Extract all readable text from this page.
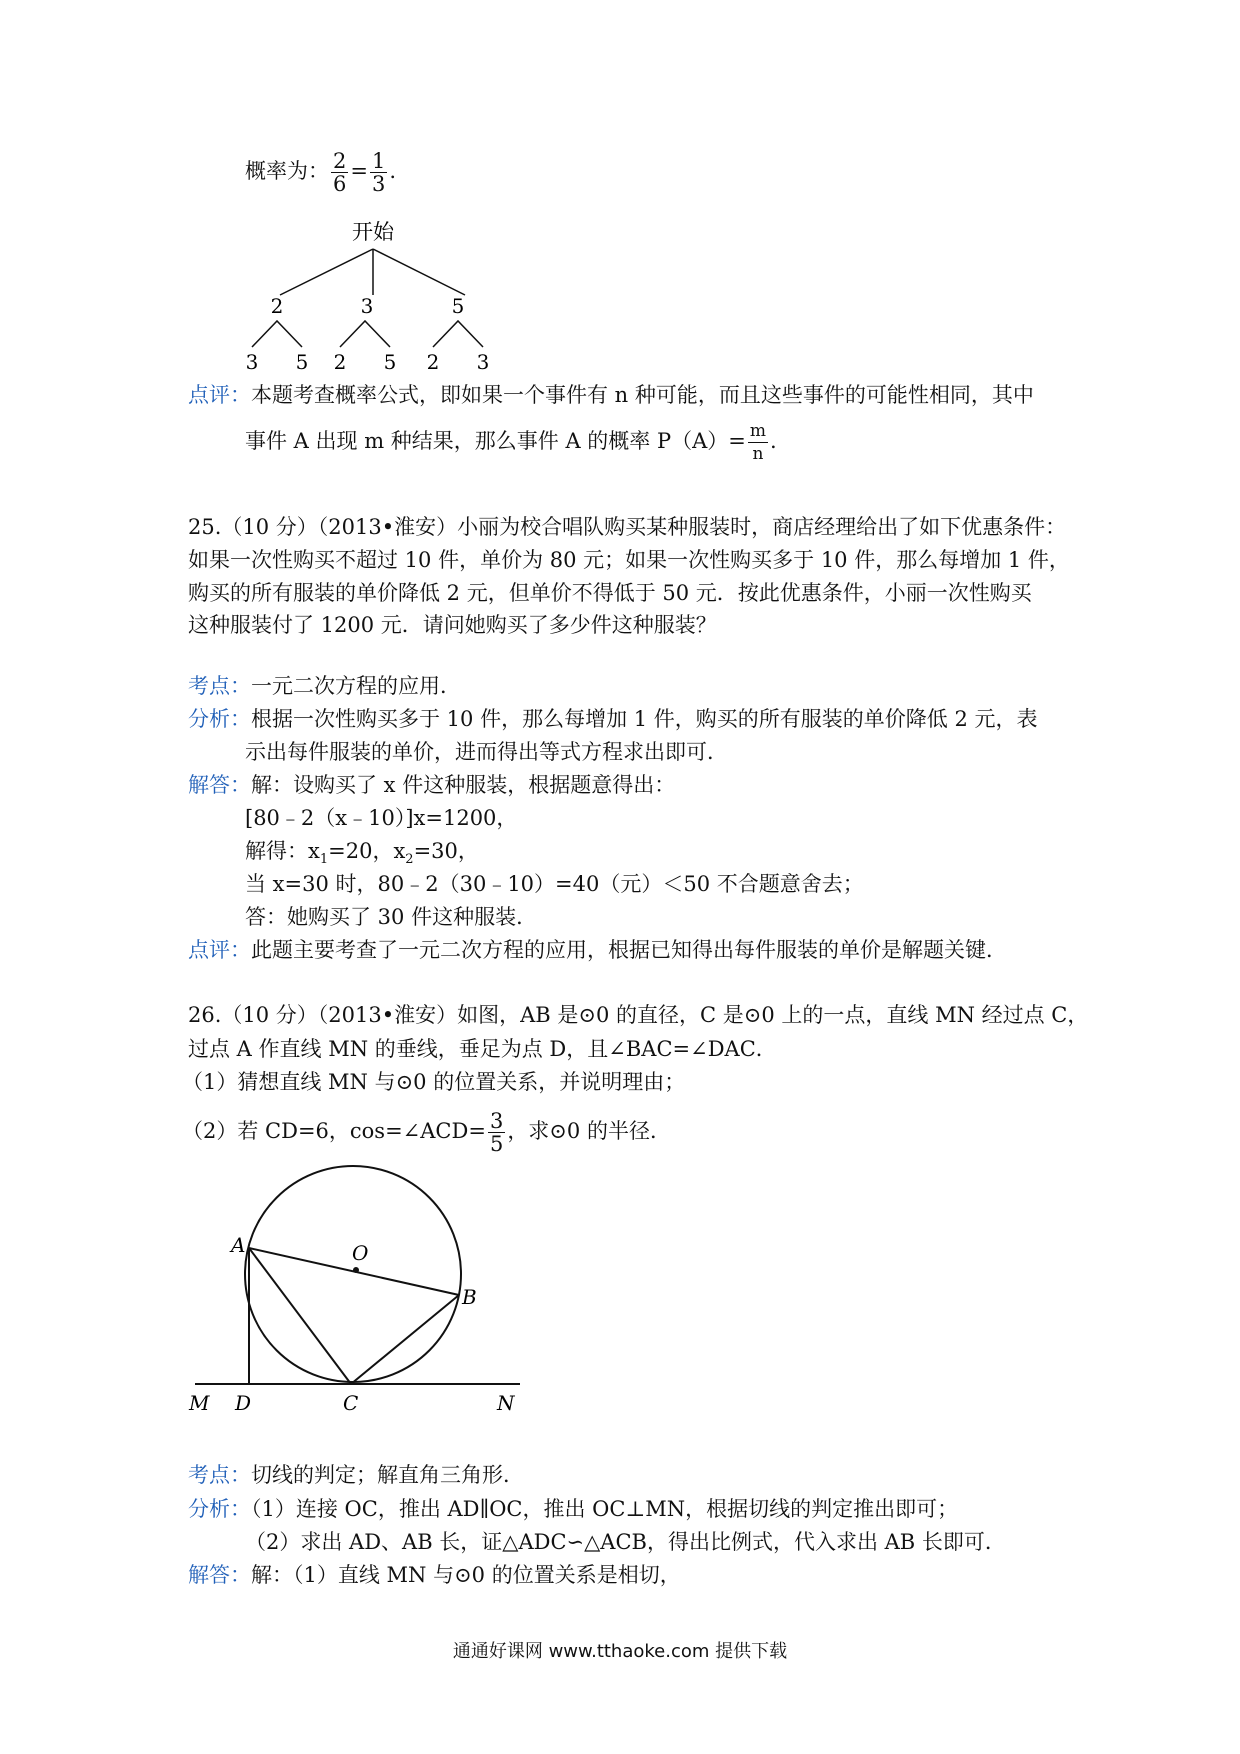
概率为： $\frac{2}{6} = \frac{1}{3}$ .
开始
2	3	5
3 5 2 5 2 3
点评：本题考查概率公式，即如果一个事件有 n 种可能，而且这些事件的可能性相同，其中
事件 A 出现 m 种结果，那么事件 A 的概率 $P(A)= \frac{m}{n}$ .
25.（10 分）（2013•淮安）小丽为校合唱队购买某种服装时，商店经理给出了如下优惠条件：
如果一次性购买不超过 10 件，单价为 80 元；如果一次性购买多于 10 件，那么每增加 1 件，
购买的所有服装的单价降低 2 元，但单价不得低于 50 元．按此优惠条件，小丽一次性购买
这种服装付了 1200 元．请问她购买了多少件这种服装？
考点：一元二次方程的应用．
分析：根据一次性购买多于 10 件，那么每增加 1 件，购买的所有服装的单价降低 2 元，表
示出每件服装的单价，进而得出等式方程求出即可．
解答：解：设购买了 x 件这种服装，根据题意得出：
[80﹣2（x﹣10）]x=1200，
解得：$x_1=20$，$x_2=30$，
当 x=30 时，80﹣2（30﹣10）=40（元）＜50 不合题意舍去；
答：她购买了 30 件这种服装．
点评：此题主要考查了一元二次方程的应用，根据已知得出每件服装的单价是解题关键．
26.（10 分）（2013•淮安）如图，AB 是⊙0 的直径，C 是⊙0 上的一点，直线 MN 经过点 C，
过点 A 作直线 MN 的垂线，垂足为点 D，且∠BAC=∠DAC．
（1）猜想直线 MN 与⊙0 的位置关系，并说明理由；
（2）若 CD=6，cos=∠ACD= $\frac{3}{5}$ ，求⊙0 的半径．
A	O
B
M D	C	N
考点：切线的判定；解直角三角形．
分析：（1）连接 OC，推出 AD∥OC，推出 OC⊥MN，根据切线的判定推出即可；
（2）求出 AD、AB 长，证△ADC∽△ACB，得出比例式，代入求出 AB 长即可．
解答：解：（1）直线 MN 与⊙0 的位置关系是相切，
通通好课网 www.tthaoke.com 提供下载
